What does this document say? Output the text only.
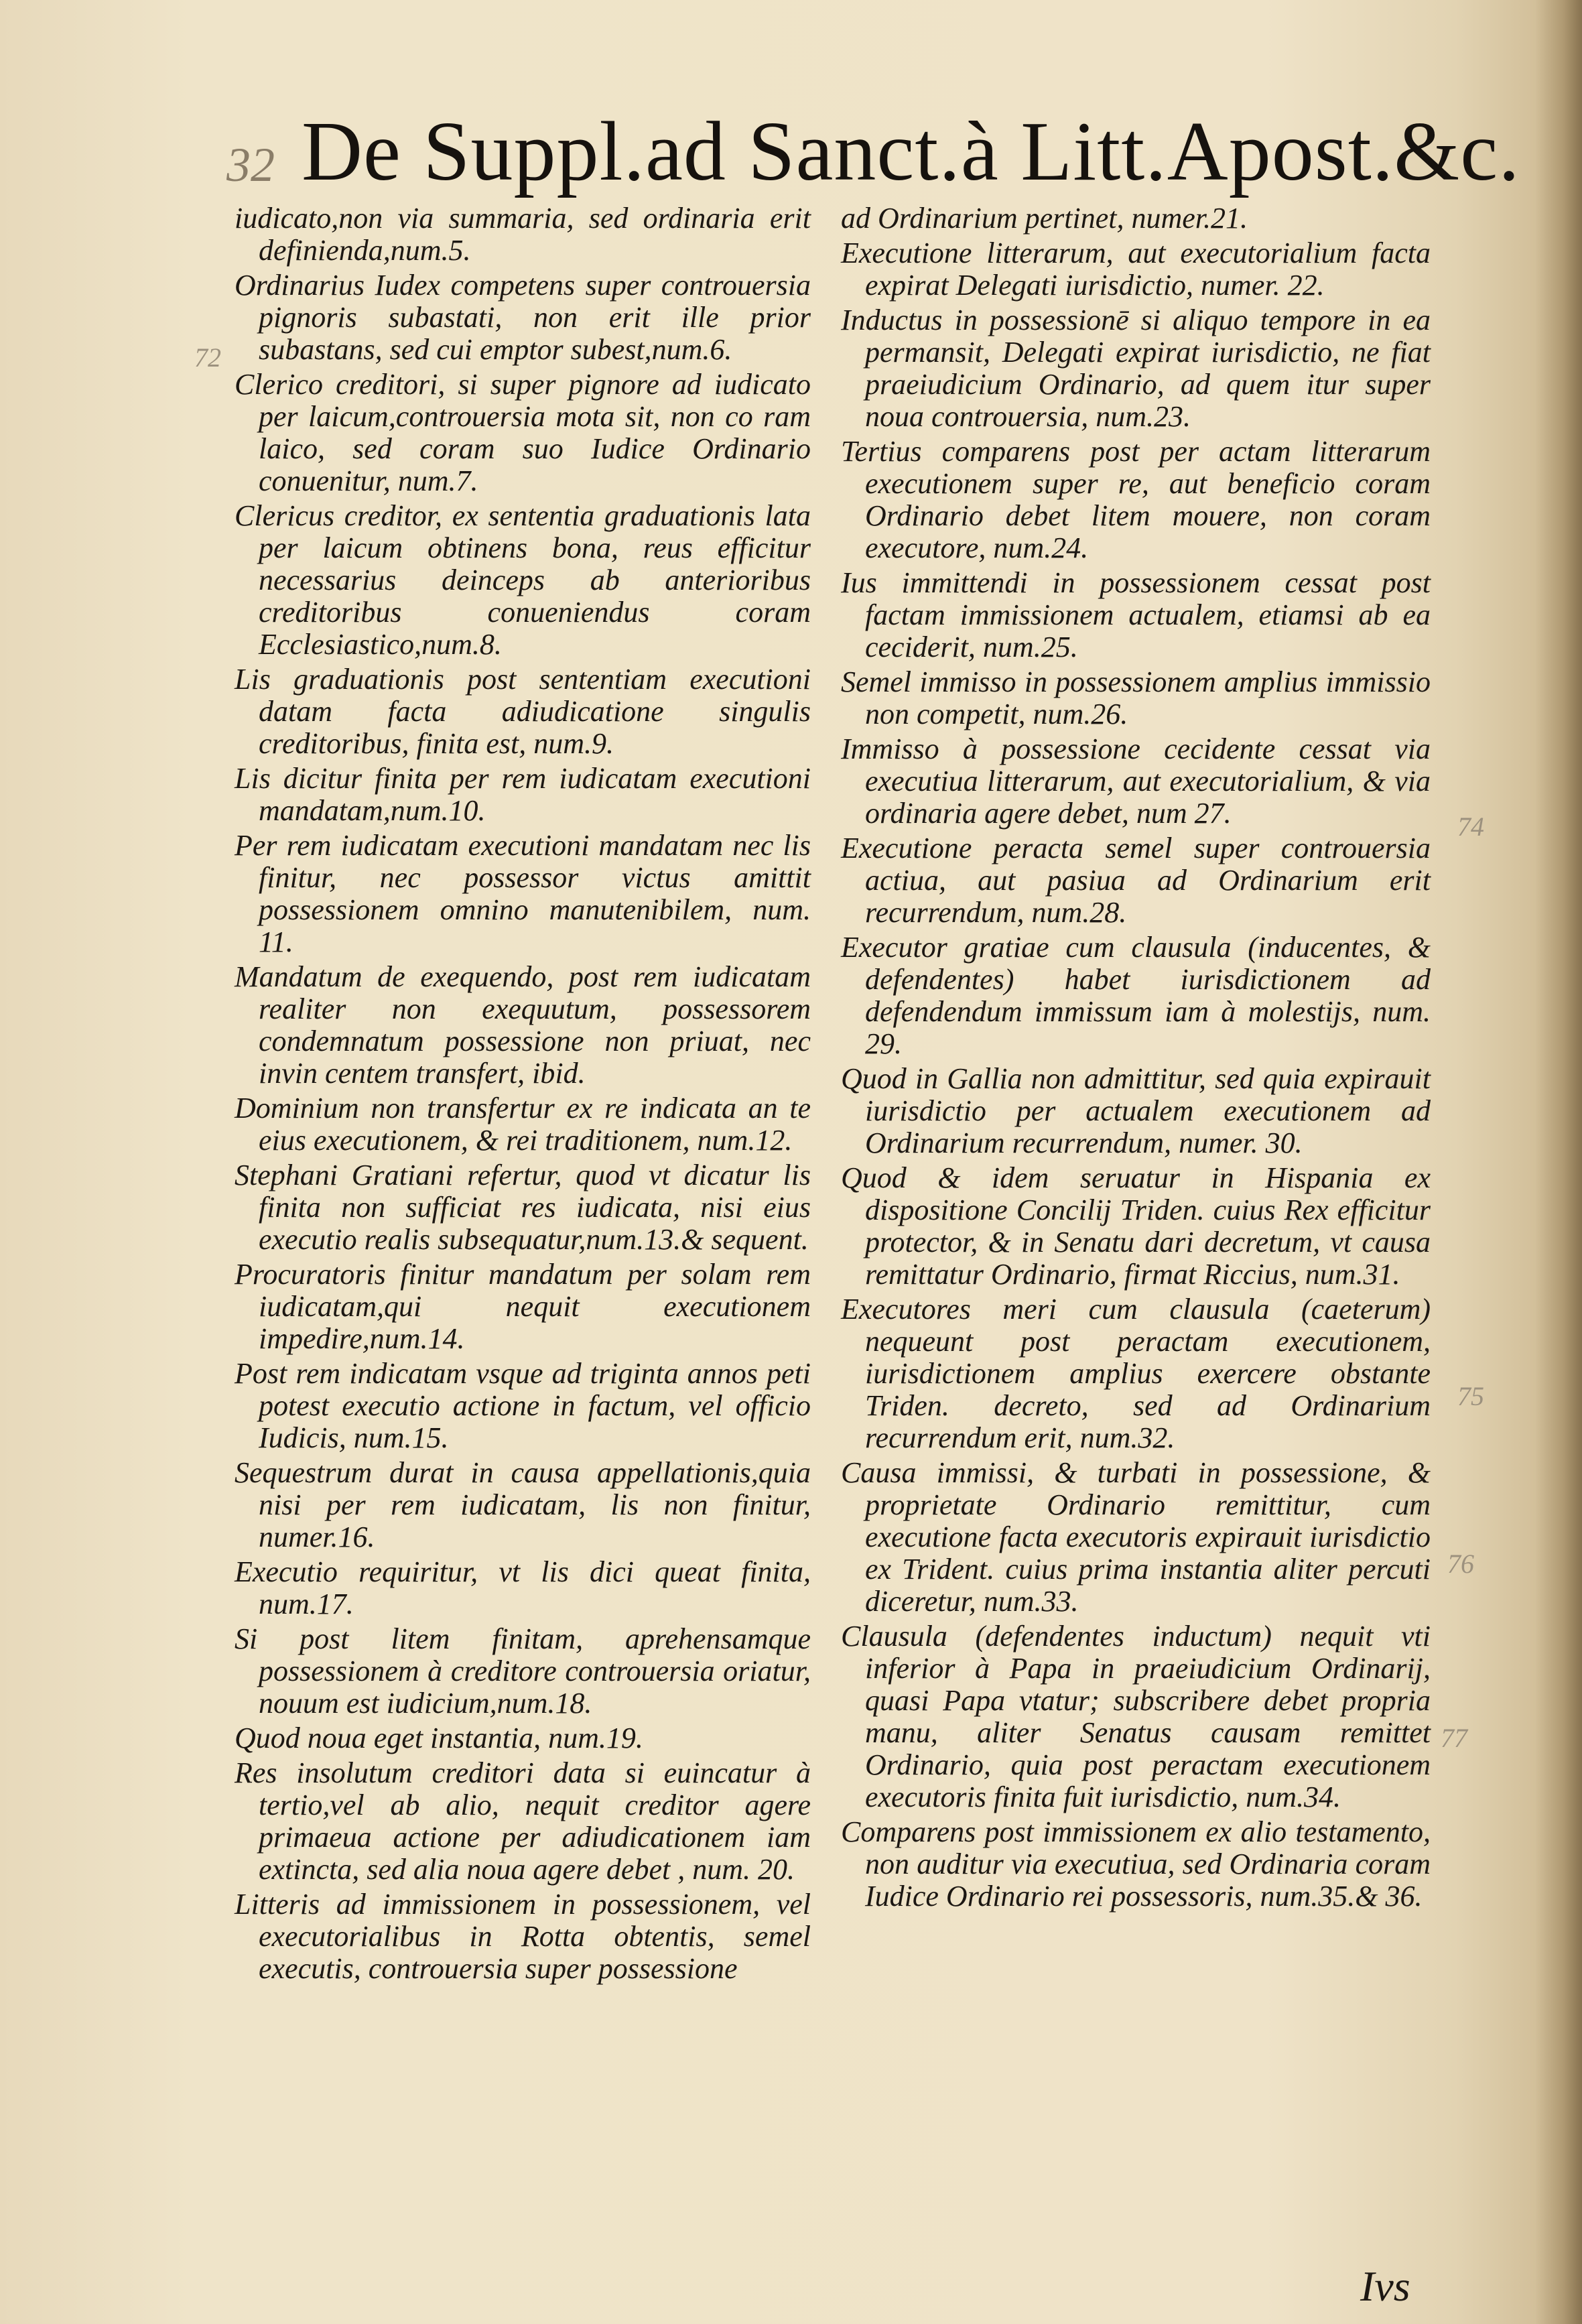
32 De Suppl.ad Sanct.à Litt.Apost.&c.
72
74
75
76
77

iudicato,non via summaria, sed ordinaria erit definienda,num.5.

Ordinarius Iudex competens super controuersia pignoris subastati, non erit ille prior subastans, sed cui emptor subest,num.6.

Clerico creditori, si super pignore ad iudicato per laicum,controuersia mota sit, non co ram laico, sed coram suo Iudice Ordinario conuenitur, num.7.

Clericus creditor, ex sententia graduationis lata per laicum obtinens bona, reus efficitur necessarius deinceps ab anterioribus creditoribus conueniendus coram Ecclesiastico,num.8.

Lis graduationis post sententiam executioni datam facta adiudicatione singulis creditoribus, finita est, num.9.

Lis dicitur finita per rem iudicatam executioni mandatam,num.10.

Per rem iudicatam executioni mandatam nec lis finitur, nec possessor victus amittit possessionem omnino manutenibilem, num. 11.

Mandatum de exequendo, post rem iudicatam realiter non exequutum, possessorem condemnatum possessione non priuat, nec invin centem transfert, ibid.

Dominium non transfertur ex re indicata an te eius executionem, & rei traditionem, num.12.

Stephani Gratiani refertur, quod vt dicatur lis finita non sufficiat res iudicata, nisi eius executio realis subsequatur,num.13.& sequent.

Procuratoris finitur mandatum per solam rem iudicatam,qui nequit executionem impedire,num.14.

Post rem indicatam vsque ad triginta annos peti potest executio actione in factum, vel officio Iudicis, num.15.

Sequestrum durat in causa appellationis,quia nisi per rem iudicatam, lis non finitur, numer.16.

Executio requiritur, vt lis dici queat finita, num.17.

Si post litem finitam, aprehensamque possessionem à creditore controuersia oriatur, nouum est iudicium,num.18.

Quod noua eget instantia, num.19.

Res insolutum creditori data si euincatur à tertio,vel ab alio, nequit creditor agere primaeua actione per adiudicationem iam extincta, sed alia noua agere debet , num. 20.

Litteris ad immissionem in possessionem, vel executorialibus in Rotta obtentis, semel executis, controuersia super possessione

ad Ordinarium pertinet, numer.21.

Executione litterarum, aut executorialium facta expirat Delegati iurisdictio, numer. 22.

Inductus in possessionē si aliquo tempore in ea permansit, Delegati expirat iurisdictio, ne fiat praeiudicium Ordinario, ad quem itur super noua controuersia, num.23.

Tertius comparens post per actam litterarum executionem super re, aut beneficio coram Ordinario debet litem mouere, non coram executore, num.24.

Ius immittendi in possessionem cessat post factam immissionem actualem, etiamsi ab ea ceciderit, num.25.

Semel immisso in possessionem amplius immissio non competit, num.26.

Immisso à possessione cecidente cessat via executiua litterarum, aut executorialium, & via ordinaria agere debet, num 27.

Executione peracta semel super controuersia actiua, aut pasiua ad Ordinarium erit recurrendum, num.28.

Executor gratiae cum clausula (inducentes, & defendentes) habet iurisdictionem ad defendendum immissum iam à molestijs, num. 29.

Quod in Gallia non admittitur, sed quia expirauit iurisdictio per actualem executionem ad Ordinarium recurrendum, numer. 30.

Quod & idem seruatur in Hispania ex dispositione Concilij Triden. cuius Rex efficitur protector, & in Senatu dari decretum, vt causa remittatur Ordinario, firmat Riccius, num.31.

Executores meri cum clausula (caeterum) nequeunt post peractam executionem, iurisdictionem amplius exercere obstante Triden. decreto, sed ad Ordinarium recurrendum erit, num.32.

Causa immissi, & turbati in possessione, & proprietate Ordinario remittitur, cum executione facta executoris expirauit iurisdictio ex Trident. cuius prima instantia aliter percuti diceretur, num.33.

Clausula (defendentes inductum) nequit vti inferior à Papa in praeiudicium Ordinarij, quasi Papa vtatur; subscribere debet propria manu, aliter Senatus causam remittet Ordinario, quia post peractam executionem executoris finita fuit iurisdictio, num.34.

Comparens post immissionem ex alio testamento, non auditur via executiua, sed Ordinaria coram Iudice Ordinario rei possessoris, num.35.& 36.

Ivs
